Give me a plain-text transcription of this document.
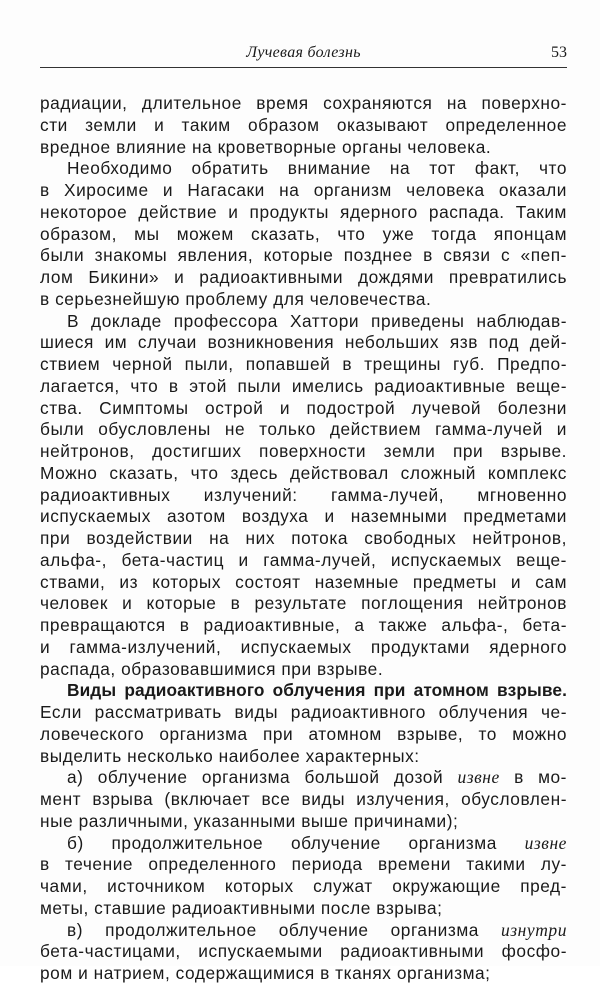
Лучевая болезнь	53
радиации, длительное время сохраняются на поверхно-
сти земли и таким образом оказывают определенное
вредное влияние на кроветворные органы человека.
Необходимо обратить внимание на тот факт, что
в Хиросиме и Нагасаки на организм человека оказали
некоторое действие и продукты ядерного распада. Таким
образом, мы можем сказать, что уже тогда японцам
были знакомы явления, которые позднее в связи с «пеп-
лом Бикини» и радиоактивными дождями превратились
в серьезнейшую проблему для человечества.
В докладе профессора Хаттори приведены наблюдав-
шиеся им случаи возникновения небольших язв под дей-
ствием черной пыли, попавшей в трещины губ. Предпо-
лагается, что в этой пыли имелись радиоактивные веще-
ства. Симптомы острой и подострой лучевой болезни
были обусловлены не только действием гамма-лучей и
нейтронов, достигших поверхности земли при взрыве.
Можно сказать, что здесь действовал сложный комплекс
радиоактивных излучений: гамма-лучей, мгновенно
испускаемых азотом воздуха и наземными предметами
при воздействии на них потока свободных нейтронов,
альфа-, бета-частиц и гамма-лучей, испускаемых веще-
ствами, из которых состоят наземные предметы и сам
человек и которые в результате поглощения нейтронов
превращаются в радиоактивные, а также альфа-, бета-
и гамма-излучений, испускаемых продуктами ядерного
распада, образовавшимися при взрыве.
Виды радиоактивного облучения при атомном взрыве.
Если рассматривать виды радиоактивного облучения че-
ловеческого организма при атомном взрыве, то можно
выделить несколько наиболее характерных:
а) облучение организма большой дозой извне в мо-
мент взрыва (включает все виды излучения, обусловлен-
ные различными, указанными выше причинами);
б) продолжительное облучение организма извне
в течение определенного периода времени такими лу-
чами, источником которых служат окружающие пред-
меты, ставшие радиоактивными после взрыва;
в) продолжительное облучение организма изнутри
бета-частицами, испускаемыми радиоактивными фосфо-
ром и натрием, содержащимися в тканях организма;
